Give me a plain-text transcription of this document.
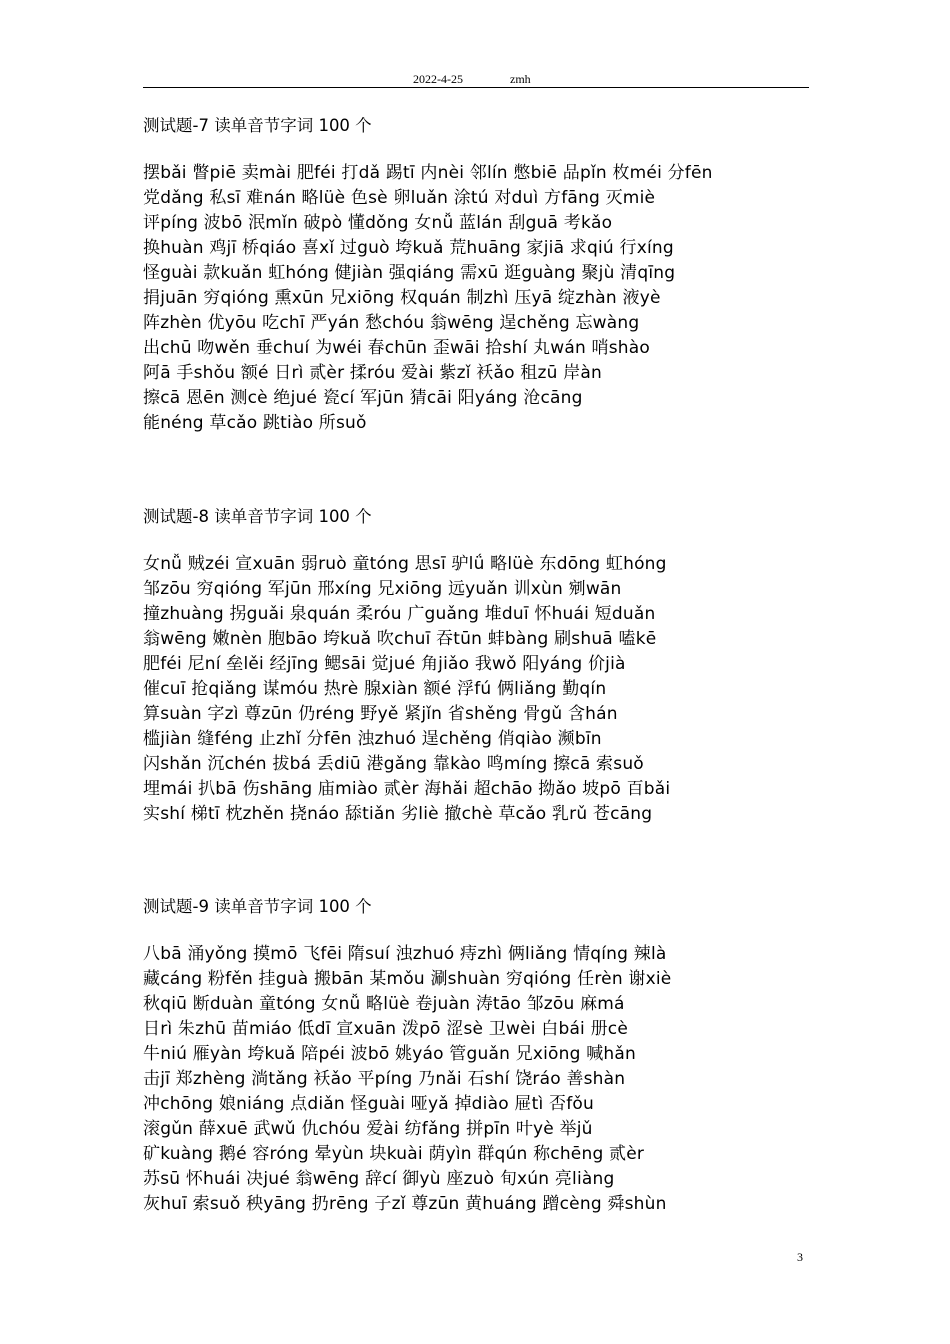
2022-4-25	zmh

测试题-7 读单音节字词 100 个

摆bǎi 瞥piē 卖mài 肥féi 打dǎ 踢tī 内nèi 邻lín 憋biē 品pǐn 枚méi 分fēn
党dǎng 私sī 难nán 略lüè 色sè 卵luǎn 涂tú 对duì 方fāng 灭miè
评píng 波bō 泯mǐn 破pò 懂dǒng 女nǚ 蓝lán 刮guā 考kǎo
换huàn 鸡jī 桥qiáo 喜xǐ 过guò 垮kuǎ 荒huāng 家jiā 求qiú 行xíng
怪guài 款kuǎn 虹hóng 健jiàn 强qiáng 需xū 逛guàng 聚jù 清qīng
捐juān 穷qióng 熏xūn 兄xiōng 权quán 制zhì 压yā 绽zhàn 液yè
阵zhèn 优yōu 吃chī 严yán 愁chóu 翁wēng 逞chěng 忘wàng
出chū 吻wěn 垂chuí 为wéi 春chūn 歪wāi 拾shí 丸wán 哨shào
阿ā 手shǒu 额é 日rì 贰èr 揉róu 爱ài 紫zǐ 袄ǎo 租zū 岸àn
擦cā 恩ēn 测cè 绝jué 瓷cí 军jūn 猜cāi 阳yáng 沧cāng
能néng 草cǎo 跳tiào 所suǒ

测试题-8 读单音节字词 100 个

女nǚ 贼zéi 宣xuān 弱ruò 童tóng 思sī 驴lǘ 略lüè 东dōng 虹hóng
邹zōu 穷qióng 军jūn 邢xíng 兄xiōng 远yuǎn 训xùn 剜wān
撞zhuàng 拐guǎi 泉quán 柔róu 广guǎng 堆duī 怀huái 短duǎn
翁wēng 嫩nèn 胞bāo 垮kuǎ 吹chuī 吞tūn 蚌bàng 刷shuā 嗑kē
肥féi 尼ní 垒lěi 经jīng 鳃sāi 觉jué 角jiǎo 我wǒ 阳yáng 价jià
催cuī 抢qiǎng 谋móu 热rè 腺xiàn 额é 浮fú 俩liǎng 勤qín
算suàn 字zì 尊zūn 仍réng 野yě 紧jǐn 省shěng 骨gǔ 含hán
槛jiàn 缝féng 止zhǐ 分fēn 浊zhuó 逞chěng 俏qiào 濒bīn
闪shǎn 沉chén 拔bá 丢diū 港gǎng 靠kào 鸣míng 擦cā 索suǒ
埋mái 扒bā 伤shāng 庙miào 贰èr 海hǎi 超chāo 拗ǎo 坡pō 百bǎi
实shí 梯tī 枕zhěn 挠náo 舔tiǎn 劣liè 撤chè 草cǎo 乳rǔ 苍cāng

测试题-9 读单音节字词 100 个

八bā 涌yǒng 摸mō 飞fēi 隋suí 浊zhuó 痔zhì 俩liǎng 情qíng 辣là
藏cáng 粉fěn 挂guà 搬bān 某mǒu 涮shuàn 穷qióng 任rèn 谢xiè
秋qiū 断duàn 童tóng 女nǚ 略lüè 卷juàn 涛tāo 邹zōu 麻má
日rì 朱zhū 苗miáo 低dī 宣xuān 泼pō 涩sè 卫wèi 白bái 册cè
牛niú 雁yàn 垮kuǎ 陪péi 波bō 姚yáo 管guǎn 兄xiōng 喊hǎn
击jī 郑zhèng 淌tǎng 袄ǎo 平píng 乃nǎi 石shí 饶ráo 善shàn
冲chōng 娘niáng 点diǎn 怪guài 哑yǎ 掉diào 屉tì 否fǒu
滚gǔn 薛xuē 武wǔ 仇chóu 爱ài 纺fǎng 拼pīn 叶yè 举jǔ
矿kuàng 鹅é 容róng 晕yùn 块kuài 荫yìn 群qún 称chēng 贰èr
苏sū 怀huái 决jué 翁wēng 辞cí 御yù 座zuò 旬xún 亮liàng
灰huī 索suǒ 秧yāng 扔rēng 子zǐ 尊zūn 黄huáng 蹭cèng 舜shùn
3
